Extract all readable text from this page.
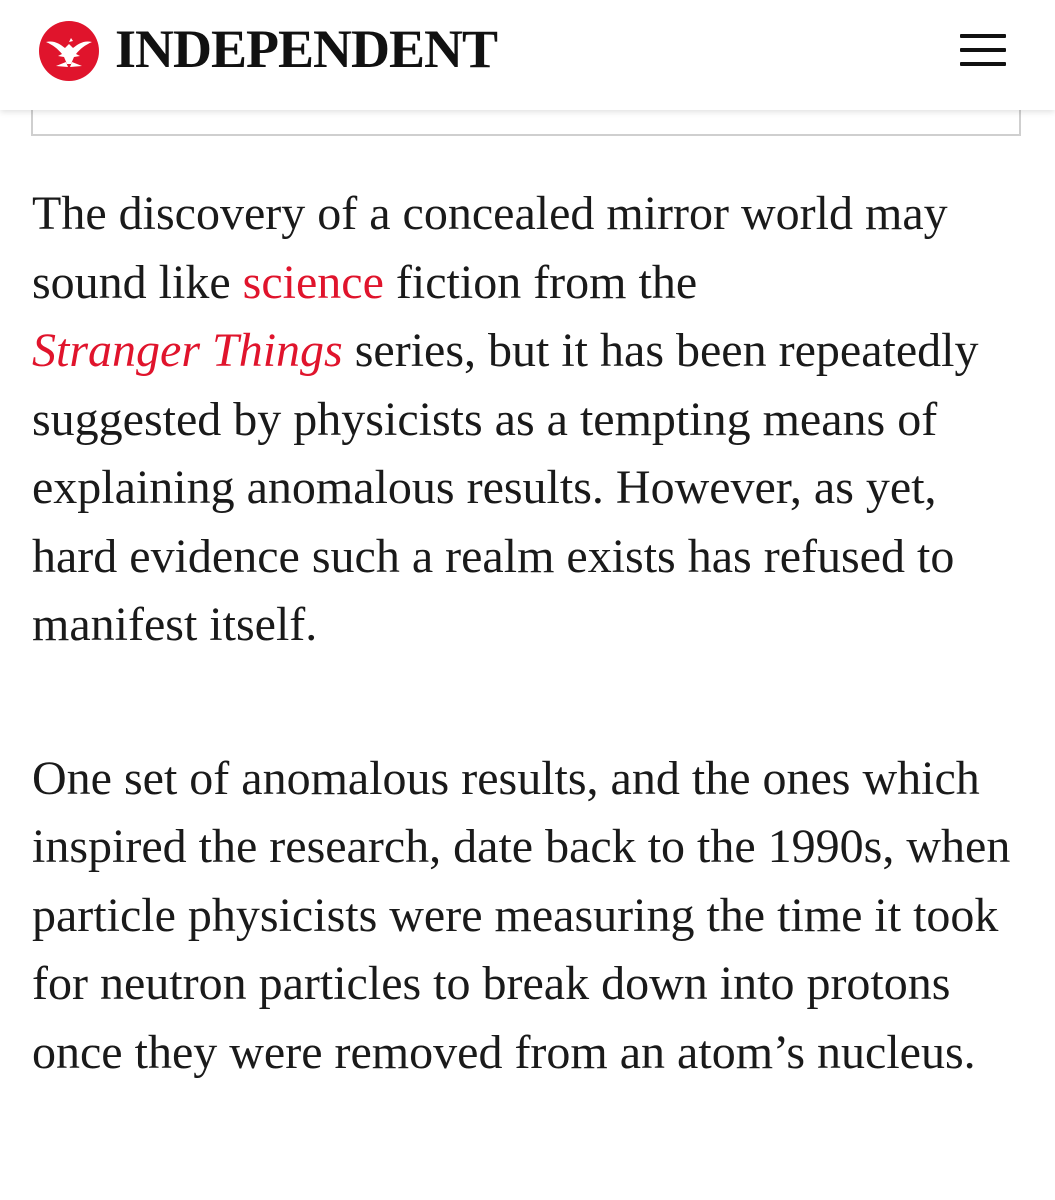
INDEPENDENT

The discovery of a concealed mirror world may sound like science fiction from the
Stranger Things series, but it has been repeatedly suggested by physicists as a tempting means of explaining anomalous results. However, as yet, hard evidence such a realm exists has refused to manifest itself.

One set of anomalous results, and the ones which inspired the research, date back to the 1990s, when particle physicists were measuring the time it took for neutron particles to break down into protons once they were removed from an atom’s nucleus.
